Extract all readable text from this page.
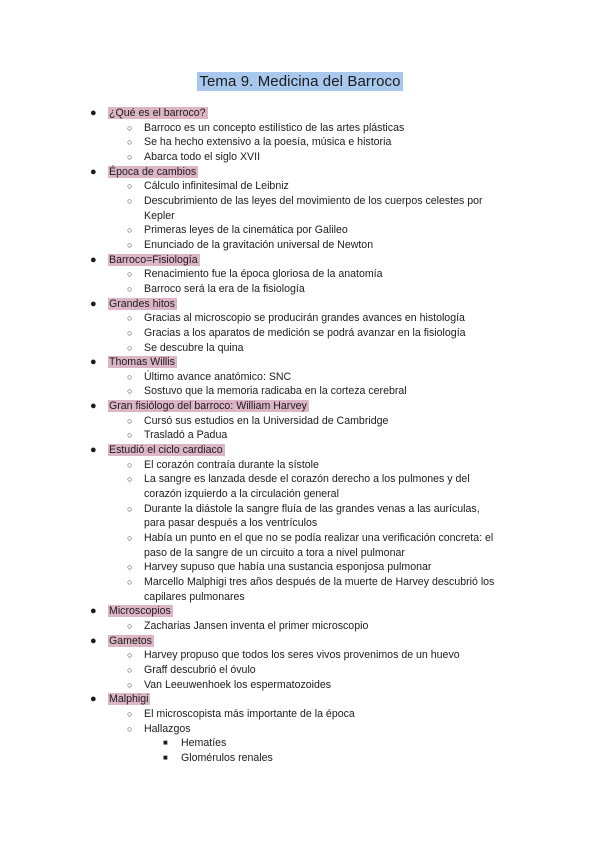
Tema 9. Medicina del Barroco
● ¿Qué es el barroco?
○ Barroco es un concepto estilístico de las artes plásticas
○ Se ha hecho extensivo a la poesía, música e historia
○ Abarca todo el siglo XVII
● Época de cambios
○ Cálculo infinitesimal de Leibniz
○ Descubrimiento de las leyes del movimiento de los cuerpos celestes por Kepler
○ Primeras leyes de la cinemática por Galileo
○ Enunciado de la gravitación universal de Newton
● Barroco=Fisiología
○ Renacimiento fue la época gloriosa de la anatomía
○ Barroco será la era de la fisiología
● Grandes hitos
○ Gracias al microscopio se producirán grandes avances en histología
○ Gracias a los aparatos de medición se podrá avanzar en la fisiología
○ Se descubre la quina
● Thomas Willis
○ Último avance anatómico: SNC
○ Sostuvo que la memoria radicaba en la corteza cerebral
● Gran fisiólogo del barroco: William Harvey
○ Cursó sus estudios en la Universidad de Cambridge
○ Trasladó a Padua
● Estudió el ciclo cardiaco
○ El corazón contraía durante la sístole
○ La sangre es lanzada desde el corazón derecho a los pulmones y del corazón izquierdo a la circulación general
○ Durante la diástole la sangre fluía de las grandes venas a las aurículas, para pasar después a los ventrículos
○ Había un punto en el que no se podía realizar una verificación concreta: el paso de la sangre de un circuito a tora a nivel pulmonar
○ Harvey supuso que había una sustancia esponjosa pulmonar
○ Marcello Malphigi tres años después de la muerte de Harvey descubrió los capilares pulmonares
● Microscopios
○ Zacharias Jansen inventa el primer microscopio
● Gametos
○ Harvey propuso que todos los seres vivos provenimos de un huevo
○ Graff descubrió el óvulo
○ Van Leeuwenhoek los espermatozoides
● Malphigi
○ El microscopista más importante de la época
○ Hallazgos
■ Hematíes
■ Glomérulos renales
